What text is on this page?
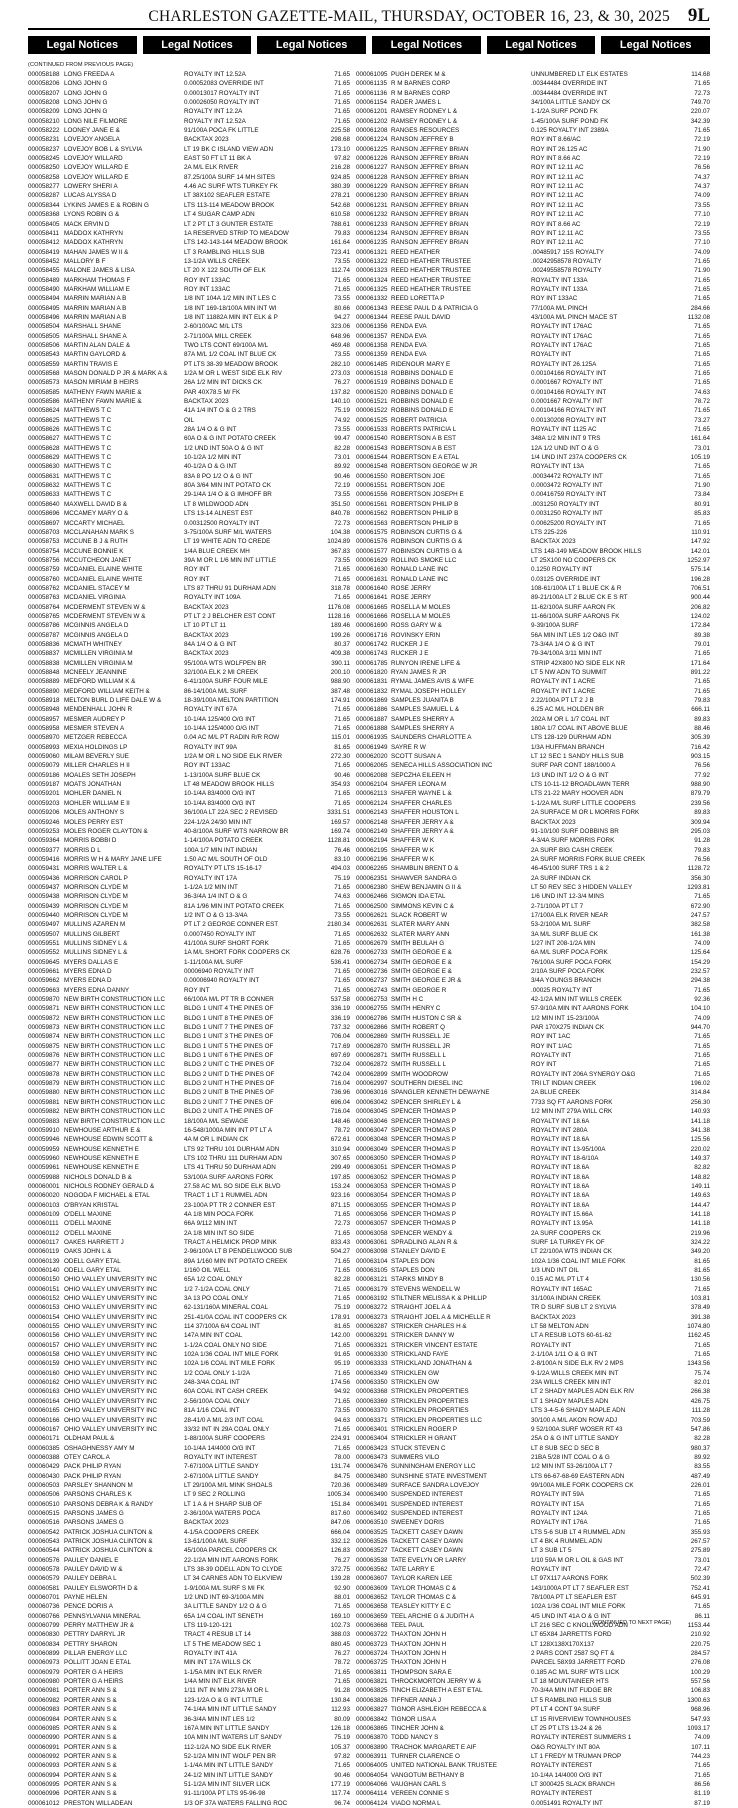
CHARLESTON GAZETTE-MAIL, THURSDAY, OCTOBER 16, 23, & 30, 2025 9L
Legal Notices	Legal Notices	Legal Notices	Legal Notices	Legal Notices	Legal Notices
(CONTINUED FROM PREVIOUS PAGE)
000058188 LONG FREEDA A	ROYALTY INT 12.52A	71.65
000058206 LONG JOHN G	0.00052083 OVERRIDE INT	71.65
000058207 LONG JOHN G	0.00013017 ROYALTY INT	71.65
000058208 LONG JOHN G	0.00026050 ROYALTY INT	71.65
000058209 LONG JOHN G	ROYALTY INT 12.2A	71.65
000058210 LONG NILE FILMORE	ROYALTY INT 12.52A	71.65
000058222 LOONEY JANE E &	91/100A POCA FK LITTLE	225.58
000058231 LOVEJOY ANGELA	BACKTAX 2023	298.68
000058237 LOVEJOY BOB L & SYLVIA	LT 19 BK C ISLAND VIEW ADN	173.10
000058245 LOVEJOY WILLARD	EAST 50 FT LT 11 BK A	97.82
000058250 LOVEJOY WILLARD E	2A M/L ELK RIVER	216.28
000058258 LOVEJOY WILLARD E	87.25/100A SURF 14 MH SITES	924.85
000058277 LOWERY SHERI A	4.46 AC SURF WTS TURKEY FK	380.39
000058287 LUCAS ALYSSA D	LT 38X102 SEAFLER ESTATE	278.21
000058344 LYKINS JAMES E & ROBIN G	LTS 113-114 MEADOW BROOK	542.68
000058368 LYONS ROBIN G &	LT 4 SUGAR CAMP ADN	610.58
000058405 MACK ERVIN D	LT 2 PT LT 3 GUNTER ESTATE	788.61
000058411 MADDOX KATHRYN	1A RESERVED STRIP TO MEADOW	79.83
000058412 MADDOX KATHRYN	LTS 142-143-144 MEADOW BROOK	161.64
000058419 MAHAN JAMES W II &	LT 3 RAMBLING HILLS SUB	723.41
000058452 MALLORY B F	13-1/2A WILLS CREEK	73.55
000058455 MALONE JAMES & LISA	LT 20 X 122 SOUTH OF ELK	112.74
000058489 MARKHAM THOMAS F	ROY INT 133AC	71.65
000058490 MARKHAM WILLIAM E	ROY INT 133AC	71.65
000058494 MARRIN MARIAN A B	1/8 INT 104A 1/2 MIN INT LES C	73.55
000058495 MARRIN MARIAN A B	1/8 INT 169-18/100A MIN INT WI	80.66
000058496 MARRIN MARIAN A B	1/8 INT 11882A MIN INT ELK & P	94.27
000058504 MARSHALL SHANE	2-60/100AC M/L LTS	323.06
000058505 MARSHALL SHANE A	2-71/100A MILL CREEK	648.96
000058506 MARTIN ALAN DALE &	TWO LTS CONT 69/100A M/L	469.48
000058543 MARTIN GAYLORD &	87A M/L 1/2 COAL INT BLUE CK	73.55
000058559 MARTIN TRAVIS E	PT LTS 38-39 MEADOW BROOK	282.10
000058568 MASON DONALD P JR & MARK A &	1/2A M OR L WEST SIDE ELK RIV	273.03
000058573 MASON MIRIAM B HEIRS	26A 1/2 MIN INT DICKS CK	76.27
000058585 MATHENY FAWN MARIE &	PAR 40X78.5 M/ FK	137.82
000058586 MATHENY FAWN MARIE &	BACKTAX 2023	140.10
000058624 MATTHEWS T C	41A 1/4 INT O & G 2 TRS	75.19
000058625 MATTHEWS T C	OIL	74.92
000058626 MATTHEWS T C	28A 1/4 O & G INT	73.55
000058627 MATTHEWS T C	60A O & G INT POTATO CREEK	99.47
000058628 MATTHEWS T C	1/2 UND INT 50A O & G INT	82.28
000058629 MATTHEWS T C	10-1/2A 1/2 MIN INT	73.01
000058630 MATTHEWS T C	40-1/2A O & G INT	89.92
000058631 MATTHEWS T C	83A 8 PO 1/2 O & G INT	90.46
000058632 MATTHEWS T C	80A 3/64 MIN INT POTATO CK	72.19
000058633 MATTHEWS T C	29-1/4A 1/4 O & G IMHOFF BR	73.55
000058640 MAXWELL DAVID B &	LT 8 WILDWOOD ADN	351.50
000058696 MCCAMEY MARY O &	LTS 13-14 ALNEST EST	840.78
000058697 MCCARTY MICHAEL	0.00312500 ROYALTY INT	72.73
000058703 MCCLANAHAN MARK S	3-75/100A SURF M/L WATERS	104.38
000058753 MCCUNE B J & RUTH	LT 19 WHITE ADN TO CREDE	1024.89
000058754 MCCUNE BONNIE K	1/4A BLUE CREEK MH	367.83
000058756 MCCUTCHEON JANET	39A M OR L 1/6 MIN INT LITTLE	73.55
000058759 MCDANIEL ELAINE WHITE	ROY INT	71.65
000058760 MCDANIEL ELAINE WHITE	ROY INT	71.65
000058762 MCDANIEL STACEY M	LTS 87 THRU 91 DURHAM ADN	318.78
000058763 MCDANIEL VIRGINIA	ROYALTY INT 109A	71.65
000058764 MCDERMENT STEVEN W &	BACKTAX 2023	1176.08
000058765 MCDERMENT STEVEN W &	PT LT 2 J BELCHER EST CONT	1128.16
000058786 MCGINNIS ANGELA D	LT 10 PT LT 11	189.46
000058787 MCGINNIS ANGELA D	BACKTAX 2023	199.26
000058836 MCMATH WHITNEY	84A 1/4 O & G INT	80.37
000058837 MCMILLEN VIRGINIA M	BACKTAX 2023	409.38
000058838 MCMILLEN VIRGINIA M	95/100A WTS WOLFPEN BR	390.11
000058848 MCNEELY JEANNINE	32/100A ELK 2 MI CREEK	200.10
000058889 MEDFORD WILLIAM K &	6-41/100A SURF FOUR MILE	988.90
000058890 MEDFORD WILLIAM KEITH &	86-14/100A M/L SURF	387.48
000058918 MELTON BURL D LIFE DALE W &	18-39/100A MELTON PARTITION	174.91
000058948 MENDENHALL JOHN R	ROYALTY INT 67A	71.65
000058957 MESMER AUDREY P	10-1/4A 125/400 O/G INT	71.65
000058958 MESMER STEVEN A	10-1/4A 125/4000 O/G INT	71.65
000058970 METZGER REBECCA	0.04 AC M/L PT RADIN R/R ROW	115.01
000058993 MEXIA HOLDINGS LP	ROYALTY INT 99A	81.65
000059060 MILAM BEVERLY SUE	1/2A M OR L NO SIDE ELK RIVER	272.30
000059079 MILLER CHARLES H II	ROY INT 133AC	71.65
000059186 MOALES SETH JOSEPH	1-13/100A SURF BLUE CK	90.46
000059187 MOATS JONATHAN	LT 48 MEADOW BROOK HILLS	354.93
000059201 MOHLER DANIEL N	10-1/4A 83/4000 O/G INT	71.65
000059203 MOHLER WILLIAM E II	10-1/4A 83/4000 O/G INT	71.65
000059206 MOLES ANTHONY S	36/100A LT 22A SEC 2 REVISED	3331.51
000059246 MOLES PERRY EST	224-1/2A 24/30 MIN INT	169.57
000059253 MOLES ROGER CLAYTON &	40-8/100A SURF WTS NARROW BR	169.74
000059364 MORRIS BOBBI D	1-14/100A POTATO CREEK	1128.81
000059377 MORRIS D L	100A 1/7 MIN INT INDIAN	76.46
000059416 MORRIS W H & MARY JANE LIFE	1.50 AC M/L SOUTH OF OLD	83.10
000059431 MORRIS WALTER L &	ROYALTY PT LTS 15-16-17	494.03
000059436 MORRISON CAROL P	ROYALTY INT 17A	75.19
000059437 MORRISON CLYDE M	1-1/2A 1/2 MIN INT	71.65
000059438 MORRISON CLYDE M	36-3/4A 1/4 INT O & G	74.63
000059439 MORRISON CLYDE M	81A 1/96 MIN INT POTATO CREEK	71.65
000059440 MORRISON CLYDE M	1/2 INT O & G 13-3/4A	73.55
000059497 MULLINS AZAREN M	PT LT 2 GEORGE CONNER EST	2180.34
000059507 MULLINS GILBERT	0.0007450 ROYALTY INT	71.65
000059551 MULLINS SIDNEY L &	41/100A SURF SHORT FORK	71.65
000059552 MULLINS SIDNEY L &	1A M/L SHORT FORK COOPERS CK	628.76
000059645 MYERS DALLAS E	1-11/100A M/L SURF	536.41
000059661 MYERS EDNA D	00006940 ROYALTY INT	71.65
000059662 MYERS EDNA D	0.00006940 ROYALTY INT	71.65
000059663 MYERS EDNA DANNY	ROY INT	71.65
000059870 NEW BIRTH CONSTRUCTION LLC	66/100A M/L PT TR B CONNER	537.58
000059871 NEW BIRTH CONSTRUCTION LLC	BLDG 1 UNIT 4 THE PINES OF	336.19
000059872 NEW BIRTH CONSTRUCTION LLC	BLDG 1 UNIT 8 THE PINES OF	336.19
000059873 NEW BIRTH CONSTRUCTION LLC	BLDG 1 UNIT 7 THE PINES OF	737.32
000059874 NEW BIRTH CONSTRUCTION LLC	BLDG 1 UNIT 3 THE PINES OF	706.04
000059875 NEW BIRTH CONSTRUCTION LLC	BLDG 1 UNIT 5 THE PINES OF	717.69
000059876 NEW BIRTH CONSTRUCTION LLC	BLDG 1 UNIT 6 THE PINES OF	697.69
000059877 NEW BIRTH CONSTRUCTION LLC	BLDG 2 UNIT C THE PINES OF	732.04
000059878 NEW BIRTH CONSTRUCTION LLC	BLDG 2 UNIT D THE PINES OF	742.04
000059879 NEW BIRTH CONSTRUCTION LLC	BLDG 2 UNIT H THE PINES OF	716.04
000059880 NEW BIRTH CONSTRUCTION LLC	BLDG 2 UNIT B THE PINES OF	736.96
000059881 NEW BIRTH CONSTRUCTION LLC	BLDG 2 UNIT 7 THE PINES OF	696.04
000059882 NEW BIRTH CONSTRUCTION LLC	BLDG 2 UNIT A THE PINES OF	716.04
000059883 NEW BIRTH CONSTRUCTION LLC	18/100A M/L SEWAGE	148.46
000059910 NEWHOUSE ARTHUR E &	16-548/1000A MIN INT PT LT A	78.72
000059946 NEWHOUSE EDWIN SCOTT &	4A M OR L INDIAN CK	672.61
000059959 NEWHOUSE KENNETH E	LTS 92 THRU 101 DURHAM ADN	310.94
000059960 NEWHOUSE KENNETH E	LTS 102 THRU 111 DURHAM ADN	307.65
000059961 NEWHOUSE KENNETH E	LTS 41 THRU 50 DURHAM ADN	299.49
000059988 NICHOLS DONALD B &	53/100A SURF AARONS FORK	197.85
000060001 NICHOLS RODNEY GERALD &	27.58 AC M/L SO SIDE ELK BLVD	153.24
000060020 NOGODA F MICHAEL & ETAL	TRACT 1 LT 1 RUMMEL ADN	923.16
000060103 O'BRYAN KRISTAL	23-100A PT TR 2 CONNER EST	871.15
000060109 O'DELL MAXINE	4A 1/8 MIN POCA FORK	71.65
000060111 O'DELL MAXINE	66A 9/112 MIN INT	72.73
000060112 O'DELL MAXINE	2A 1/8 MIN INT SO SIDE	71.65
000060117 OAKES HARRIETT J	TRACT A HELMICK PROP MINK	833.43
000060119 OAKS JOHN L &	2-96/100A LT B PENDELLWOOD SUB	504.27
000060139 ODELL GARY ETAL	89A 1/160 MIN INT POTATO CREEK	71.65
000060140 ODELL GARY ETAL	1/160 OIL WELL	71.65
000060150 OHIO VALLEY UNIVERSITY INC	65A 1/2 COAL ONLY	82.28
000060151 OHIO VALLEY UNIVERSITY INC	1/2 7-1/2A COAL ONLY	71.65
000060152 OHIO VALLEY UNIVERSITY INC	3A 13 PO COAL ONLY	71.65
000060153 OHIO VALLEY UNIVERSITY INC	62-131/160A MINERAL COAL	75.19
000060154 OHIO VALLEY UNIVERSITY INC	251-41/0A COAL INT COOPERS CK	178.91
000060155 OHIO VALLEY UNIVERSITY INC	114 37/100A 6/4 COAL INT	81.65
000060156 OHIO VALLEY UNIVERSITY INC	147A MIN INT COAL	142.00
000060157 OHIO VALLEY UNIVERSITY INC	1-1/2A COAL ONLY NO SIDE	71.65
000060158 OHIO VALLEY UNIVERSITY INC	102A 1/36 COAL INT MILE FORK	91.65
000060159 OHIO VALLEY UNIVERSITY INC	102A 1/6 COAL INT MILE FORK	95.19
000060160 OHIO VALLEY UNIVERSITY INC	1/2 COAL ONLY 1-1/2A	71.65
000060162 OHIO VALLEY UNIVERSITY INC	248-3/4A COAL INT	174.56
000060163 OHIO VALLEY UNIVERSITY INC	60A COAL INT CASH CREEK	94.92
000060164 OHIO VALLEY UNIVERSITY INC	2-56/100A COAL ONLY	71.65
000060165 OHIO VALLEY UNIVERSITY INC	81A 1/16 COAL INT	73.55
000060166 OHIO VALLEY UNIVERSITY INC	28-41/0 A M/L 2/3 INT COAL	94.63
000060167 OHIO VALLEY UNIVERSITY INC	33/32 INT IN 29A COAL ONLY	71.65
000060171 OLDHAM PAUL &	1-88/100A SURF COOPERS	224.91
000060385 OSHAGHNESSY AMY M	10-1/4A 14/4000 O/G INT	71.65
000060388 OTEY CAROL A	ROYALTY INT INTEREST	78.00
000060429 PACK PHILIP RYAN	7-67/100A LITTLE SANDY	131.74
000060430 PACK PHILIP RYAN	2-67/100A LITTLE SANDY	84.75
000060503 PARSLEY SHANNON M	LT 29/100A M/L MINK SHOALS	720.36
000060506 PARSONS CHARLES K	LT 9 SEC 2 ROLLING	1005.34
000060510 PARSONS DEBRA K & RANDY	LT 1 A & H SHARP SUB OF	151.84
000060515 PARSONS JAMES G	2-36/100A WATERS POCA	817.60
000060516 PARSONS JAMES G	BACKTAX 2023	847.06
000060542 PATRICK JOSHUA CLINTON &	4-1/5A COOPERS CREEK	666.04
000060543 PATRICK JOSHUA CLINTON &	13-61/100A M/L SURF	332.12
000060544 PATRICK JOSHUA CLINTON &	45/100A PARCEL COOPERS CK	126.83
000060576 PAULEY DANIEL E	22-1/2A MIN INT AARONS FORK	76.27
000060578 PAULEY DAVID W &	LTS 38-39 ODELL ADN TO CLYDE	372.75
000060579 PAULEY DEBRA L	LT 34 CARNES ADN TO ELKVIEW	139.28
000060581 PAULEY ELSWORTH D &	1-9/100A M/L SURF S MI FK	92.90
000060701 PAYNE HELEN	1/2 UND INT 69-3/100A MIN	88.01
000060736 PENCE DORIS A	3A LITTLE SANDY 1/2 O & G	71.65
000060766 PENNSYLVANIA MINERAL	65A 1/4 COAL INT SENETH	169.10
000060799 PERRY MATTHEW JR &	LTS 119-120-121	102.73
000060830 PETTRY DARRYL JR	TRACT 4 RESUB LT 14	388.03
000060834 PETTRY SHARON	LT 5 THE MEADOW SEC 1	880.45
000060899 PILLAR ENERGY LLC	ROYALTY INT 41A	76.27
000060973 POLLITT JOAN E ETAL	MIN INT 17A WILLS CK	78.72
000060979 PORTER G A HEIRS	1-1/5A MIN INT ELK RIVER	71.65
000060980 PORTER G A HEIRS	1/4A MIN INT ELK RIVER	71.65
000060981 PORTER ANN S &	1/11 INT IN MIN 273A M OR L	91.28
000060982 PORTER ANN S &	123-1/2A O & G INT LITTLE	130.84
000060983 PORTER ANN S &	74-1/4A MIN INT LITTLE SANDY	112.93
000060984 PORTER ANN S &	36-3/4A MIN INT LES 1/2	80.09
000060985 PORTER ANN S &	167A MIN INT LITTLE SANDY	126.18
000060990 PORTER ANN S &	10A MIN INT WATERS LIT SANDY	75.19
000060991 PORTER ANN S &	112-1/2A NO SIDE ELK RIVER	105.37
000060992 PORTER ANN S &	52-1/2A MIN INT WOLF PEN BR	97.82
000060993 PORTER ANN S &	1-1/4A MIN INT LITTLE SANDY	71.65
000060994 PORTER ANN S &	24-1/2 MIN INT LITTLE SANDY	90.46
000060995 PORTER ANN S &	51-1/2A MIN INT SILVER LICK	177.19
000060996 PORTER ANN S &	91-11/100A PT LTS 95-96-98	117.74
000061012 PRESTON WILLADEAN	1/3 OF 37A WATERS FALLING ROC	96.74
000061095 PUGH DEREK M &	UNNUMBERED LT ELK ESTATES	114.68
000061135 R M BARNES CORP	.00344484 OVERRIDE INT	71.65
000061136 R M BARNES CORP	.00344484 OVERRIDE INT	72.73
000061154 RADER JAMES L	34/100A LITTLE SANDY CK	749.70
000061201 RAMSEY RODNEY L &	1-1/2A SURF POND FK	220.07
000061202 RAMSEY RODNEY L &	1-45/100A SURF POND FK	342.39
000061208 RANGES RESOURCES	0.125 ROYALTY INT 2389A	71.65
000061224 RANSON JEFFREY B	ROY INT 8.66/AC	72.19
000061225 RANSON JEFFREY BRIAN	ROY INT 26.125 AC	71.90
000061226 RANSON JEFFREY BRIAN	ROY INT 8.66 AC	72.19
000061227 RANSON JEFFREY BRIAN	ROY INT 12.11 AC	76.56
000061228 RANSON JEFFREY BRIAN	ROY INT 12.11 AC	74.37
000061229 RANSON JEFFREY BRIAN	ROY INT 12.11 AC	74.37
000061230 RANSON JEFFREY BRIAN	ROY INT 12.11 AC	74.09
000061231 RANSON JEFFREY BRIAN	ROY INT 12.11 AC	73.55
000061232 RANSON JEFFREY BRIAN	ROY INT 12.11 AC	77.10
000061233 RANSON JEFFREY BRIAN	ROY INT 8.66 AC	72.19
000061234 RANSON JEFFREY BRIAN	ROY INT 12.11 AC	73.55
000061235 RANSON JEFFREY BRIAN	ROY INT 12.11 AC	77.10
000061321 REED HEATHER	.00485917 15S ROYALTY	74.09
000061322 REED HEATHER TRUSTEE	.00242958578 ROYALTY	71.65
000061323 REED HEATHER TRUSTEE	.00249558578 ROYALTY	71.90
000061324 REED HEATHER TRUSTEE	ROYALTY INT 133A	71.65
000061325 REED HEATHER TRUSTEE	ROYALTY INT 133A	71.65
000061332 REED LORETTA P	ROY INT 133AC	71.65
000061343 REESE PAUL D & PATRICIA G	77/100A M/L PINCH	284.66
000061344 REESE PAUL DAVID	43/100A M/L PINCH MACE ST	1132.08
000061356 RENDA EVA	ROYALTY INT 176AC	71.65
000061357 RENDA EVA	ROYALTY INT 176AC	71.65
000061358 RENDA EVA	ROYALTY INT 176AC	71.65
000061359 RENDA EVA	ROYALTY INT	71.65
000061485 RIDENOUR MARY E	ROYALTY INT 26.125A	71.65
000061518 ROBBINS DONALD E	0.00104166 ROYALTY INT	71.65
000061519 ROBBINS DONALD E	0.0001667 ROYALTY INT	71.65
000061520 ROBBINS DONALD E	0.00104166 ROYALTY INT	74.63
000061521 ROBBINS DONALD E	0.0001667 ROYALTY INT	78.72
000061522 ROBBINS DONALD E	0.00104166 ROYALTY INT	71.65
000061525 ROBERT PATRICIA	0.00130208 ROYALTY INT	73.27
000061533 ROBERTS PATRICIA L	ROYALTY INT 1125 AC	71.65
000061540 ROBERTSON A B EST	348A 1/2 MIN INT 9 TRS	161.64
000061543 ROBERTSON A B EST	12A 1/2 UND INT O & G	73.01
000061544 ROBERTSON E A ETAL	1/4 UND INT 237A COOPERS CK	105.19
000061548 ROBERTSON GEORGE W JR	ROYALTY INT 13A	71.65
000061550 ROBERTSON JOE	.00034472 ROYALTY INT	71.65
000061551 ROBERTSON JOE	0.0003472 ROYALTY INT	71.90
000061556 ROBERTSON JOSEPH E	0.00416759 ROYALTY INT	73.84
000061561 ROBERTSON PHILIP B	.0031250 ROYALTY INT	80.91
000061562 ROBERTSON PHILIP B	0.0031250 ROYALTY INT	85.83
000061563 ROBERTSON PHILIP B	0.00625200 ROYALTY INT	71.65
000061575 ROBINSON CURTIS G &	LTS 225-226	110.91
000061576 ROBINSON CURTIS G &	BACKTAX 2023	147.92
000061577 ROBINSON CURTIS G &	LTS 148-149 MEADOW BROOK HILLS	142.01
000061629 ROLLING SMOKE LLC	LT 25X100 NO COOPERS CK	1252.97
000061630 RONALD LANE INC	0.1250 ROYALTY INT	575.14
000061631 RONALD LANE INC	0.03125 OVERRIDE INT	196.28
000061640 ROSE JERRY	108-61/100A LT 1 BLUE CK & R	706.51
000061641 ROSE JERRY	89-21/100A LT 2 BLUE CK E S RT	900.44
000061665 ROSELLA M MOLES	11-62/100A SURF AARON FK	206.82
000061666 ROSELLA M MOLES	11-66/100A SURF AARONS FK	124.02
000061690 ROSS GARY W &	9-39/100A SURF	172.84
000061716 ROVINSKY ERIN	56A MIN INT LES 1/2 O&G INT	89.38
000061742 RUCKER J E	73-3/4A 1/4 O & G INT	79.01
000061743 RUCKER J E	79-34/100A 3/11 MIN INT	71.65
000061785 RUNYON IRENE LIFE &	STRIP 42X800 NO SIDE ELK NR	171.64
000061820 RYAN JAMES R JR	LT 5 NW ADN TO SUMMIT	891.22
000061831 RYMAL JAMES AVIS & WIFE	ROYALTY INT 1 ACRE	71.65
000061832 RYMAL JOSEPH HOLLEY	ROYALTY INT 1 ACRE	71.65
000061869 SAMPLES JUANITA B	2.22/100A PT LT 2 J B	79.83
000061886 SAMPLES SAMUEL L &	6.25 AC M/L HOLDEN BR	666.11
000061887 SAMPLES SHERRY A	202A M OR L 1/7 COAL INT	89.83
000061888 SAMPLES SHERRY A	180A 1/7 COAL INT ABOVE BLUE	88.46
000061935 SAUNDERS CHARLOTTE A	LTS 128-129 DURHAM ADN	305.39
000061949 SAYRE R W	1/3A HUFFMAN BRANCH	716.42
000062020 SCOTT SUSAN A	LT 12 SEC 1 SANDY HILLS SUB	903.15
000062065 SENECA HILLS ASSOCIATION INC	SURF PAR CONT 188/1000 A	76.56
000062088 SEPCZHA EILEEN H	1/3 UND INT 1/2 O & G INT	77.92
000062104 SHAFER LEONA M	LTS 10-11-12 BROADLAWN TERR	988.90
000062113 SHAFER WAYNE L &	LTS 21-22 MARY HOOVER ADN	879.79
000062124 SHAFFER CHARLES	1-1/2A M/L SURF LITTLE COOPERS	239.56
000062143 SHAFFER HOUSTON L	2A SURFACE M OR L MORRIS FORK	89.83
000062148 SHAFFER JERRY A &	BACKTAX 2023	309.94
000062149 SHAFFER JERRY A &	91-10/100 SURF DOBBINS BR	295.03
000062194 SHAFFER W K	4-3/4A SURF MORRIS FORK	91.28
000062195 SHAFFER W K	2A SURF BIG CASH CREEK	79.83
000062196 SHAFFER W K	2A SURF MORRIS FORK BLUE CREEK	76.56
000062265 SHAMBLIN BRENT D &	46-45/100 SURF TRS 1 & 2	1128.72
000062351 SHAWVER SANDRA G	2A SURF INDIAN CK	356.30
000062380 SHEW BENJAMIN G II &	LT 50 REV SEC 3 HIDDEN VALLEY	1293.81
000062466 SIGMON IDA ETAL	1/6 UND INT 12-3/4 MINS	71.65
000062500 SIMMONS KEVIN C &	2-71/100A PT LT 7	672.90
000062621 SLACK ROBERT W	17/100A ELK RIVER NEAR	247.57
000062631 SLATER MARY ANN	53-2/100A M/L SURF	382.58
000062632 SLATER MARY ANN	3A M/L SURF BLUE CK	161.38
000062679 SMITH BEULAH G	1/27 INT 208-1/2A MIN	74.09
000062733 SMITH GEORGE E &	6A M/L SURF POCA FORK	125.64
000062734 SMITH GEORGE E &	76/100A SURF POCA FORK	154.29
000062736 SMITH GEORGE E &	2/10A SURF POCA FORK	232.57
000062737 SMITH GEORGE E JR &	3/4A YOUNGS BRANCH	294.38
000062743 SMITH GEORGE R	.00025 ROYALTY INT	71.65
000062753 SMITH H C	42-1/2A MIN INT WILLS CREEK	92.36
000062755 SMITH HENRY C	57-9/10A MIN INT AARONS FORK	104.10
000062786 SMITH HUSTON C SR &	1/2 MIN INT 15-23/100A	74.09
000062866 SMITH ROBERT Q	PAR 170X275 INDIAN CK	944.70
000062869 SMITH RUSSELL JE	ROY INT 1AC	71.65
000062870 SMITH RUSSELL JR	ROY INT 1/AC	71.65
000062871 SMITH RUSSELL L	ROYALTY INT	71.65
000062872 SMITH RUSSELL L	ROY INT	71.65
000062899 SMITH WOODROW	ROYALTY INT 206A SYNERGY O&G	71.65
000062997 SOUTHERN DIESEL INC	TRI LT INDIAN CREEK	196.02
000063016 SPANGLER KENNETH DEWAYNE	2A BLUE CREEK	314.84
000063042 SPENCER SHIRLEY L &	7733 SQ FT AARONS FORK	256.30
000063045 SPENCER THOMAS P	1/2 MIN INT 279A WILL CRK	140.93
000063046 SPENCER THOMAS P	ROYALTY INT 18.6A	141.18
000063047 SPENCER THOMAS P	ROYALTY INT 280A	341.38
000063048 SPENCER THOMAS P	ROYALTY INT 18.6A	125.56
000063049 SPENCER THOMAS P	ROYALTY INT 13-95/100A	220.02
000063050 SPENCER THOMAS P	ROYALTY INT 18-6/10A	149.37
000063051 SPENCER THOMAS P	ROYALTY INT 18.6A	82.82
000063052 SPENCER THOMAS P	ROYALTY INT 18.6A	148.82
000063053 SPENCER THOMAS P	ROYALTY INT 18.6A	149.11
000063054 SPENCER THOMAS P	ROYALTY INT 18.6A	149.63
000063055 SPENCER THOMAS P	ROYALTY INT 18.6A	144.47
000063056 SPENCER THOMAS P	ROYALTY INT 15.66A	141.18
000063057 SPENCER THOMAS P	ROYALTY INT 13.95A	141.18
000063058 SPENCER WENDY &	2A SURF COOPERS CK	219.96
000063061 SPRADLING ALAN R &	SURF 1A TURKEY FK OF	324.22
000063098 STANLEY DAVID E	LT 22/100A WTS INDIAN CK	349.20
000063104 STAPLES DON	102A 1/36 COAL INT MILE FORK	81.65
000063105 STAPLES DON	1/3 UND INT OIL	81.65
000063121 STARKS MINDY B	0.15 AC M/L PT LT 4	130.56
000063179 STEVENS WENDELL W	ROYALTY INT 165AC	71.65
000063192 STILTNER MELISSA K & PHILLIP	31/100A INDIAN CREEK	103.81
000063272 STRAIGHT JOEL A &	TR D SURF SUB LT 2 SYLVIA	378.49
000063273 STRAIGHT JOEL A & MICHELLE R	BACKTAX 2023	391.38
000063287 STRICKER CHARLES H &	LT 58 MELTON ADN	1074.80
000063291 STRICKER DANNY W	LT A RESUB LOTS 60-61-62	1162.45
000063321 STRICKER VINCENT ESTATE	ROYALTY INT	71.65
000063330 STRICKLAND FAYE	2-1/10A 1/11 O & G INT	71.65
000063333 STRICKLAND JONATHAN &	2-8/100A N SIDE ELK RV 2 MPS	1343.56
000063349 STRICKLEN GW	9-1/2A WILLS CREEK MIN INT	75.74
000063350 STRICKLEN GW	23A WILLS CREEK MIN INT	82.01
000063368 STRICKLEN PROPERTIES	LT 2 SHADY MAPLES ADN ELK RIV	266.38
000063369 STRICKLEN PROPERTIES	LT 1 SHADY MAPLES ADN	426.75
000063370 STRICKLEN PROPERTIES	LTS 3-4-5-6 SHADY MAPLE ADN	111.28
000063371 STRICKLEN PROPERTIES LLC	30/100 A M/L AKON ROW ADJ	703.59
000063401 STRICKLEN ROGER P	9 52/100A SURF WOSER RT 43	547.86
000063404 STRICKLER H GRANT	25A O & G INT LITTLE SANDY	82.28
000063423 STUCK STEVEN C	LT 8 SUB SEC D SEC B	980.37
000063473 SUMMERS VILO	21BA 5/28 INT COAL O & G	89.92
000063476 SUNNINGHAM ENERGY LLC	1/2 MIN INT 53-26/100A LT 7	83.55
000063480 SUNSHINE STATE INVESTMENT	LTS 66-67-68-69 EASTERN ADN	487.49
000063489 SURFACE SANDRA LOVEJOY	99/100A MILE FORK COOPERS CK	226.01
000063490 SUSPENDED INTEREST	ROYALTY INT 59A	71.65
000063491 SUSPENDED INTEREST	ROYALTY INT 15A	71.65
000063492 SUSPENDED INTEREST	ROYALTY INT 124A	71.65
000063510 SWEENEY DORIS	ROYALTY INT 176A	71.65
000063525 TACKETT CASEY DAWN	LTS 5-6 SUB LT 4 RUMMEL ADN	355.93
000063526 TACKETT CASEY DAWN	LT 4 BK 4 RUMMEL ADN	267.57
000063527 TACKETT CASEY DAWN	LT 3 SUB LT 5	275.89
000063538 TATE EVELYN OR LARRY	1/10 59A M OR L OIL & GAS INT	73.01
000063562 TATE LARRY E	ROYALTY INT	72.47
000063607 TAYLOR KAREN LEE	LT 97X117 AARONS FORK	502.39
000063609 TAYLOR THOMAS C &	143/1000A PT LT 7 SEAFLER EST	752.41
000063652 TAYLOR THOMAS C &	78/100A PT LT SEAFLER EST	645.91
000063658 TEASLEY KITTY E C	102A 1/36 COAL INT MILE FORK	71.65
000063659 TEEL ARCHIE G & JUDITH A	4/5 UND INT 41A O & G INT	86.11
000063668 TEEL PAUL	LT 216 SEC C KNOLLWOOD ADN	1153.44
000063722 THAXTON JOHN H	LT 65X84 JARRETTS FORD	210.92
000063723 THAXTON JOHN H	LT 128X138X170X137	220.75
000063724 THAXTON JOHN H	2 PARS CONT 2587 SQ FT &	284.57
000063725 THAXTON JOHN H	PARCEL 58X93 JARRETT FORD	276.08
000063811 THOMPSON SARA E	0.185 AC M/L SURF WTS LICK	100.29
000063821 THROCKMORTON JERRY W &	LT 18 MOUNTAINEER HTS	557.56
000063825 TINCH ELIZABETH A EST ETAL	70-3/4A MIN INT FUDGE BR	106.83
000063826 TIFFNER ANNA J	LT 5 RAMBLING HILLS SUB	1300.63
000063827 TIGNOR ASHLEIGH REBECCA &	PT LT 4 CONT 9A SURF	968.96
000063842 TIGNOR LISA A	LT 15 RIVERVIEW TOWNHOUSES	547.93
000063865 TINCHER JOHN &	LT 25 PT LTS 13-24 & 26	1093.17
000063870 TODD NANCY S	ROYALTY INTEREST SUMMERS 1	74.09
000063890 TRACHOK MARGARET E AIF	O&G ROYALTY INT 80A	107.11
000063911 TURNER CLARENCE O	LT 1 FREDY M TRUMAN PROP	744.23
000064005 UNITED NATIONAL BANK TRUSTEE	ROYALTY INTEREST	71.65
000064054 VANGOTUM BETHANY B	10-1/4A 14/4000 O/G INT	71.65
000064066 VAUGHAN CARL S	LT 3000425 SLACK BRANCH	86.56
000064114 VEREEN CONNIE S	ROYALTY INTEREST	81.19
000064124 VIADO NORMA L	0.0051491 ROYALTY INT	87.19
(CONTINUED TO NEXT PAGE)
